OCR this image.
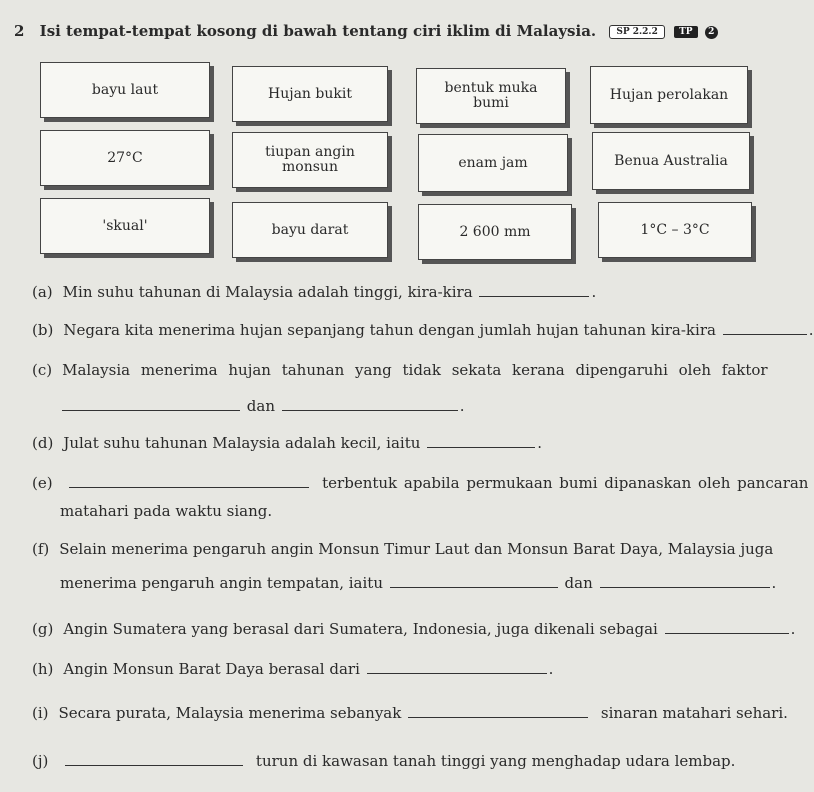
2 Isi tempat-tempat kosong di bawah tentang ciri iklim di Malaysia. SP 2.2.2 TP 2
bayu laut	Hujan bukit	bentuk muka bumi
Hujan perolakan
27°C	tiupan angin monsun	enam jam	Benua Australia
'skual'	bayu darat	2 600 mm	1°C – 3°C
(a) Min suhu tahunan di Malaysia adalah tinggi, kira-kira	.
(b) Negara kita menerima hujan sepanjang tahun dengan jumlah hujan tahunan kira-kira	.
(c) Malaysia menerima hujan tahunan yang tidak sekata kerana dipengaruhi oleh faktor
dan	.
(d) Julat suhu tahunan Malaysia adalah kecil, iaitu	.
(e)	terbentuk apabila permukaan bumi dipanaskan oleh pancaran
matahari pada waktu siang.
(f) Selain menerima pengaruh angin Monsun Timur Laut dan Monsun Barat Daya, Malaysia juga
menerima pengaruh angin tempatan, iaitu	dan	.
(g) Angin Sumatera yang berasal dari Sumatera, Indonesia, juga dikenali sebagai	.
(h) Angin Monsun Barat Daya berasal dari	.
(i) Secara purata, Malaysia menerima sebanyak	sinaran matahari sehari.
(j)	turun di kawasan tanah tinggi yang menghadap udara lembap.
